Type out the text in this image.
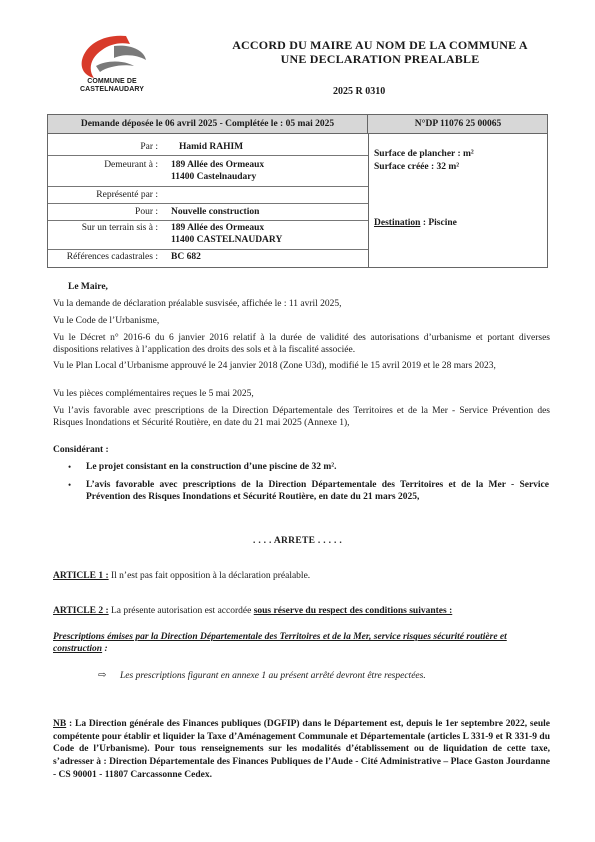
COMMUNE DE
CASTELNAUDARY
ACCORD DU MAIRE AU NOM DE LA COMMUNE A
UNE DECLARATION PREALABLE
2025 R 0310
Demande déposée le 06 avril 2025 - Complétée le : 05 mai 2025	N°DP 11076 25 00065
Par : Hamid RAHIM
Demeurant à : 189 Allée des Ormeaux
11400 Castelnaudary
Représenté par :
Pour : Nouvelle construction
Sur un terrain sis à : 189 Allée des Ormeaux
11400 CASTELNAUDARY
Références cadastrales : BC 682
Surface de plancher : m²
Surface créée : 32 m²
Destination : Piscine
Le Maire,
Vu la demande de déclaration préalable susvisée, affichée le : 11 avril 2025,
Vu le Code de l’Urbanisme,
Vu le Décret n° 2016-6 du 6 janvier 2016 relatif à la durée de validité des autorisations d’urbanisme et portant diverses dispositions relatives à l’application des droits des sols et à la fiscalité associée.
Vu le Plan Local d’Urbanisme approuvé le 24 janvier 2018 (Zone U3d), modifié le 15 avril 2019 et le 28 mars 2023,
Vu les pièces complémentaires reçues le 5 mai 2025,
Vu l’avis favorable avec prescriptions de la Direction Départementale des Territoires et de la Mer - Service Prévention des Risques Inondations et Sécurité Routière, en date du 21 mai 2025 (Annexe 1),
Considérant :
• Le projet consistant en la construction d’une piscine de 32 m².
• L’avis favorable avec prescriptions de la Direction Départementale des Territoires et de la Mer - Service Prévention des Risques Inondations et Sécurité Routière, en date du 21 mars 2025,
. . . . ARRETE . . . . .
ARTICLE 1 : Il n’est pas fait opposition à la déclaration préalable.
ARTICLE 2 : La présente autorisation est accordée sous réserve du respect des conditions suivantes :
Prescriptions émises par la Direction Départementale des Territoires et de la Mer, service risques sécurité routière et construction :
⇨ Les prescriptions figurant en annexe 1 au présent arrêté devront être respectées.
NB : La Direction générale des Finances publiques (DGFIP) dans le Département est, depuis le 1er septembre 2022, seule compétente pour établir et liquider la Taxe d’Aménagement Communale et Départementale (articles L 331-9 et R 331-9 du Code de l’Urbanisme). Pour tous renseignements sur les modalités d’établissement ou de liquidation de cette taxe, s’adresser à : Direction Départementale des Finances Publiques de l’Aude - Cité Administrative – Place Gaston Jourdanne - CS 90001 - 11807 Carcassonne Cedex.
